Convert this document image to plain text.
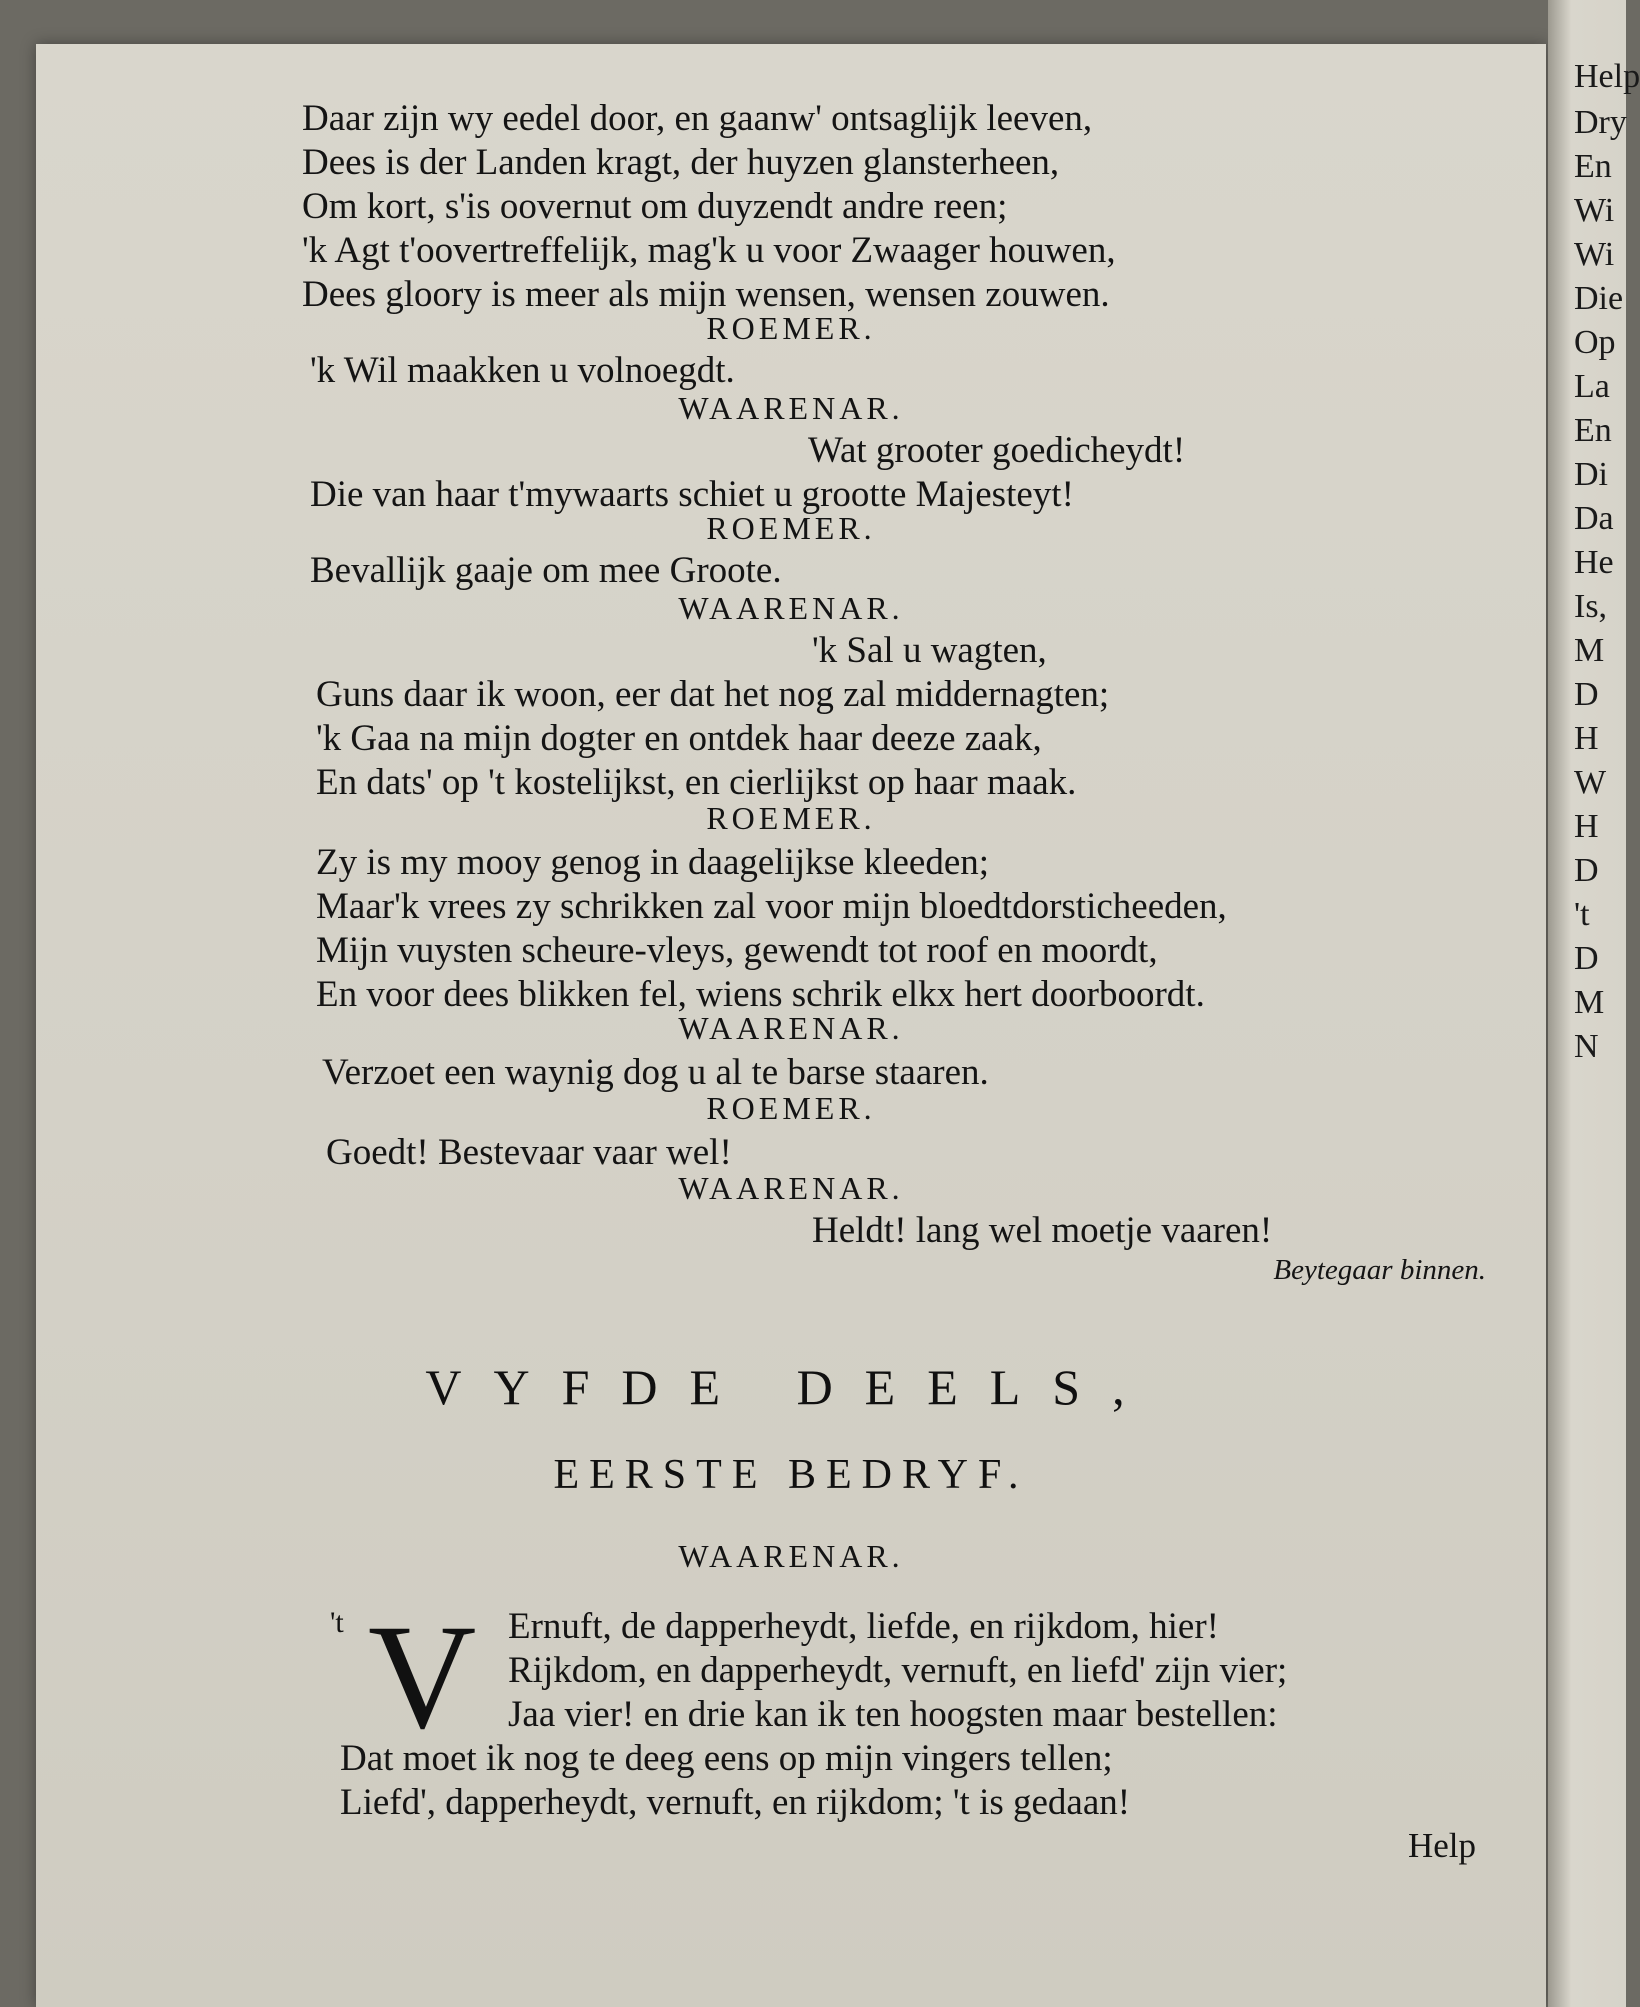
Daar zijn wy eedel door, en gaanw' ontsaglijk leeven,

Dees is der Landen kragt, der huyzen glansterheen,

Om kort, s'is oovernut om duyzendt andre reen;

'k Agt t'oovertreffelijk, mag'k u voor Zwaager houwen,

Dees gloory is meer als mijn wensen, wensen zouwen.

ROEMER.

'k Wil maakken u volnoegdt.

WAARENAR.

Wat grooter goedicheydt!

Die van haar t'mywaarts schiet u grootte Majesteyt!

ROEMER.

Bevallijk gaaje om mee Groote.

WAARENAR.

'k Sal u wagten,

Guns daar ik woon, eer dat het nog zal middernagten;

'k Gaa na mijn dogter en ontdek haar deeze zaak,

En dats' op 't kostelijkst, en cierlijkst op haar maak.

ROEMER.

Zy is my mooy genog in daagelijkse kleeden;

Maar'k vrees zy schrikken zal voor mijn bloedtdorsticheeden,

Mijn vuysten scheure-vleys, gewendt tot roof en moordt,

En voor dees blikken fel, wiens schrik elkx hert doorboordt.

WAARENAR.

Verzoet een waynig dog u al te barse staaren.

ROEMER.

Goedt! Bestevaar vaar wel!

WAARENAR.

Heldt! lang wel moetje vaaren!

Beytegaar binnen.

VYFDE DEELS,

EERSTE BEDRYF.

WAARENAR.

't V Ernuft, de dapperheydt, liefde, en rijkdom, hier!

Rijkdom, en dapperheydt, vernuft, en liefd' zijn vier;

Jaa vier! en drie kan ik ten hoogsten maar bestellen:

Dat moet ik nog te deeg eens op mijn vingers tellen;

Liefd', dapperheydt, vernuft, en rijkdom; 't is gedaan!

Help

Help
Dry
En
Wi
Wi
Die
Op
La
En
Di
Da
He
Is,
M
D
H
W
H
D
't
D
M
N
